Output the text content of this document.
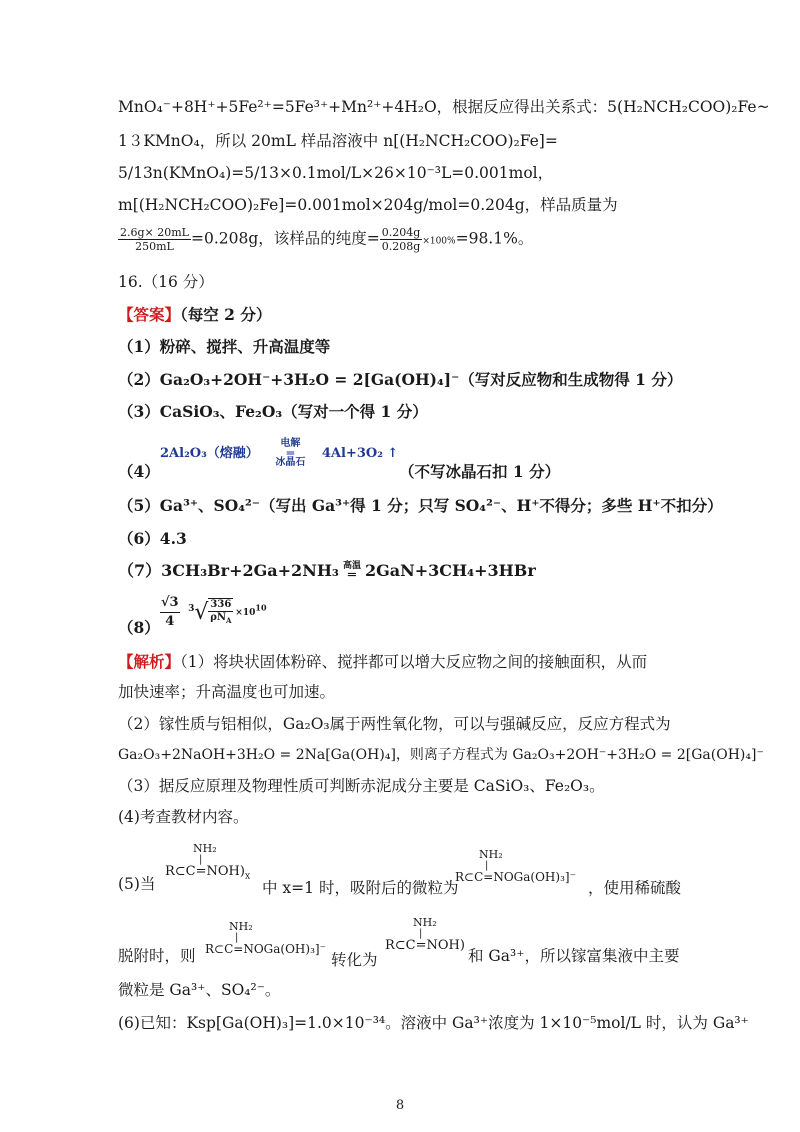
MnO₄⁻+8H⁺+5Fe²⁺=5Fe³⁺+Mn²⁺+4H₂O，根据反应得出关系式：5(H₂NCH₂COO)₂Fe~
1３KMnO₄，所以 20mL 样品溶液中 n[(H₂NCH₂COO)₂Fe]=
5/13n(KMnO₄)=5/13×0.1mol/L×26×10⁻³L=0.001mol，
m[(H₂NCH₂COO)₂Fe]=0.001mol×204g/mol=0.204g，样品质量为
$\frac{2.6g\times 20mL}{250mL} =0.208g$，该样品的纯度= $\frac{0.204g}{0.208g} \times 100\%=98.1\%$。
16.（16 分）
【答案】（每空 2 分）
（1）粉碎、搅拌、升高温度等
（2）Ga₂O₃+2OH⁻+3H₂O = 2[Ga(OH)₄]⁻（写对反应物和生成物得 1 分）
（3）CaSiO₃、Fe₂O₃（写对一个得 1 分）
（4）
2Al₂O₃（熔融）
电解
═
冰晶石
4Al+3O₂ ↑
（不写冰晶石扣 1 分）
（5）Ga³⁺、SO₄²⁻（写出 Ga³⁺得 1 分；只写 SO₄²⁻、H⁺不得分；多些 H⁺不扣分）
（6）4.3
（7）3CH₃Br+2Ga+2NH₃ 高温
═ 2GaN+3CH₄+3HBr
$(8) \frac{√3}{4} 3√$ 336
$\rho N_A$
$\times 10^{10}$
【解析】（1）将块状固体粉碎、搅拌都可以增大反应物之间的接触面积，从而
加快速率；升高温度也可加速。
（2）镓性质与铝相似，Ga₂O₃属于两性氧化物，可以与强碱反应，反应方程式为
Ga₂O₃+2NaOH+3H₂O = 2Na[Ga(OH)₄]，则离子方程式为 Ga₂O₃+2OH⁻+3H₂O = 2[Ga(OH)₄]⁻
（3）据反应原理及物理性质可判断赤泥成分主要是 CaSiO₃、Fe₂O₃。
(4)考查教材内容。
(5)当
NH₂
|
$R\subset C=NOH)_x$
中 x=1 时，吸附后的微粒为
NH₂
|
R⊂C=NOGa(OH)₃]⁻
，使用稀硫酸
脱附时，则
NH₂
|
R⊂C=NOGa(OH)₃]⁻
转化为
NH₂
|
R⊂C=NOH)
和 Ga³⁺，所以镓富集液中主要
微粒是 Ga³⁺、SO₄²⁻。
(6)已知：Ksp[Ga(OH)₃]=1.0×10⁻³⁴。溶液中 Ga³⁺浓度为 1×10⁻⁵mol/L 时，认为 Ga³⁺
8
